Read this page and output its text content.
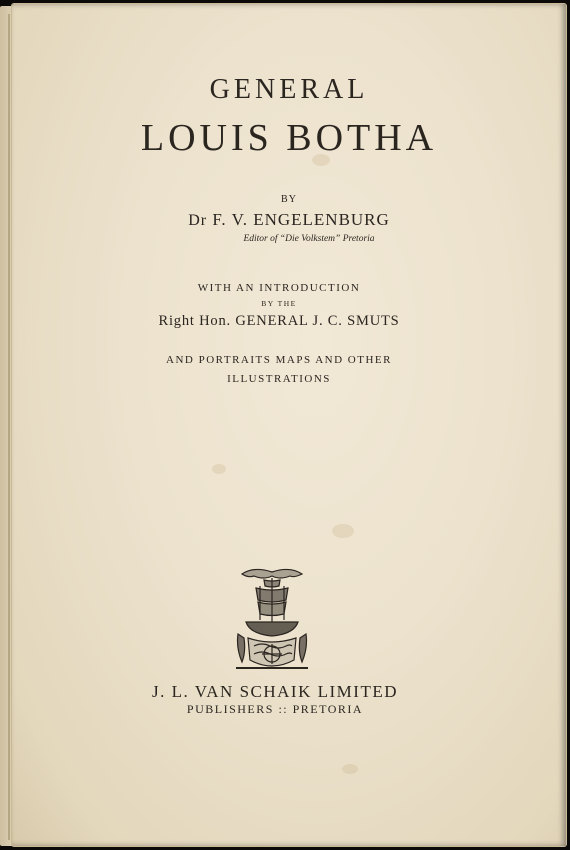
GENERAL
LOUIS BOTHA
BY
Dr F. V. ENGELENBURG
Editor of “Die Volkstem” Pretoria
WITH AN INTRODUCTION
BY THE
Right Hon. GENERAL J. C. SMUTS
AND PORTRAITS MAPS AND OTHER
ILLUSTRATIONS
J. L. VAN SCHAIK LIMITED
PUBLISHERS :: PRETORIA
